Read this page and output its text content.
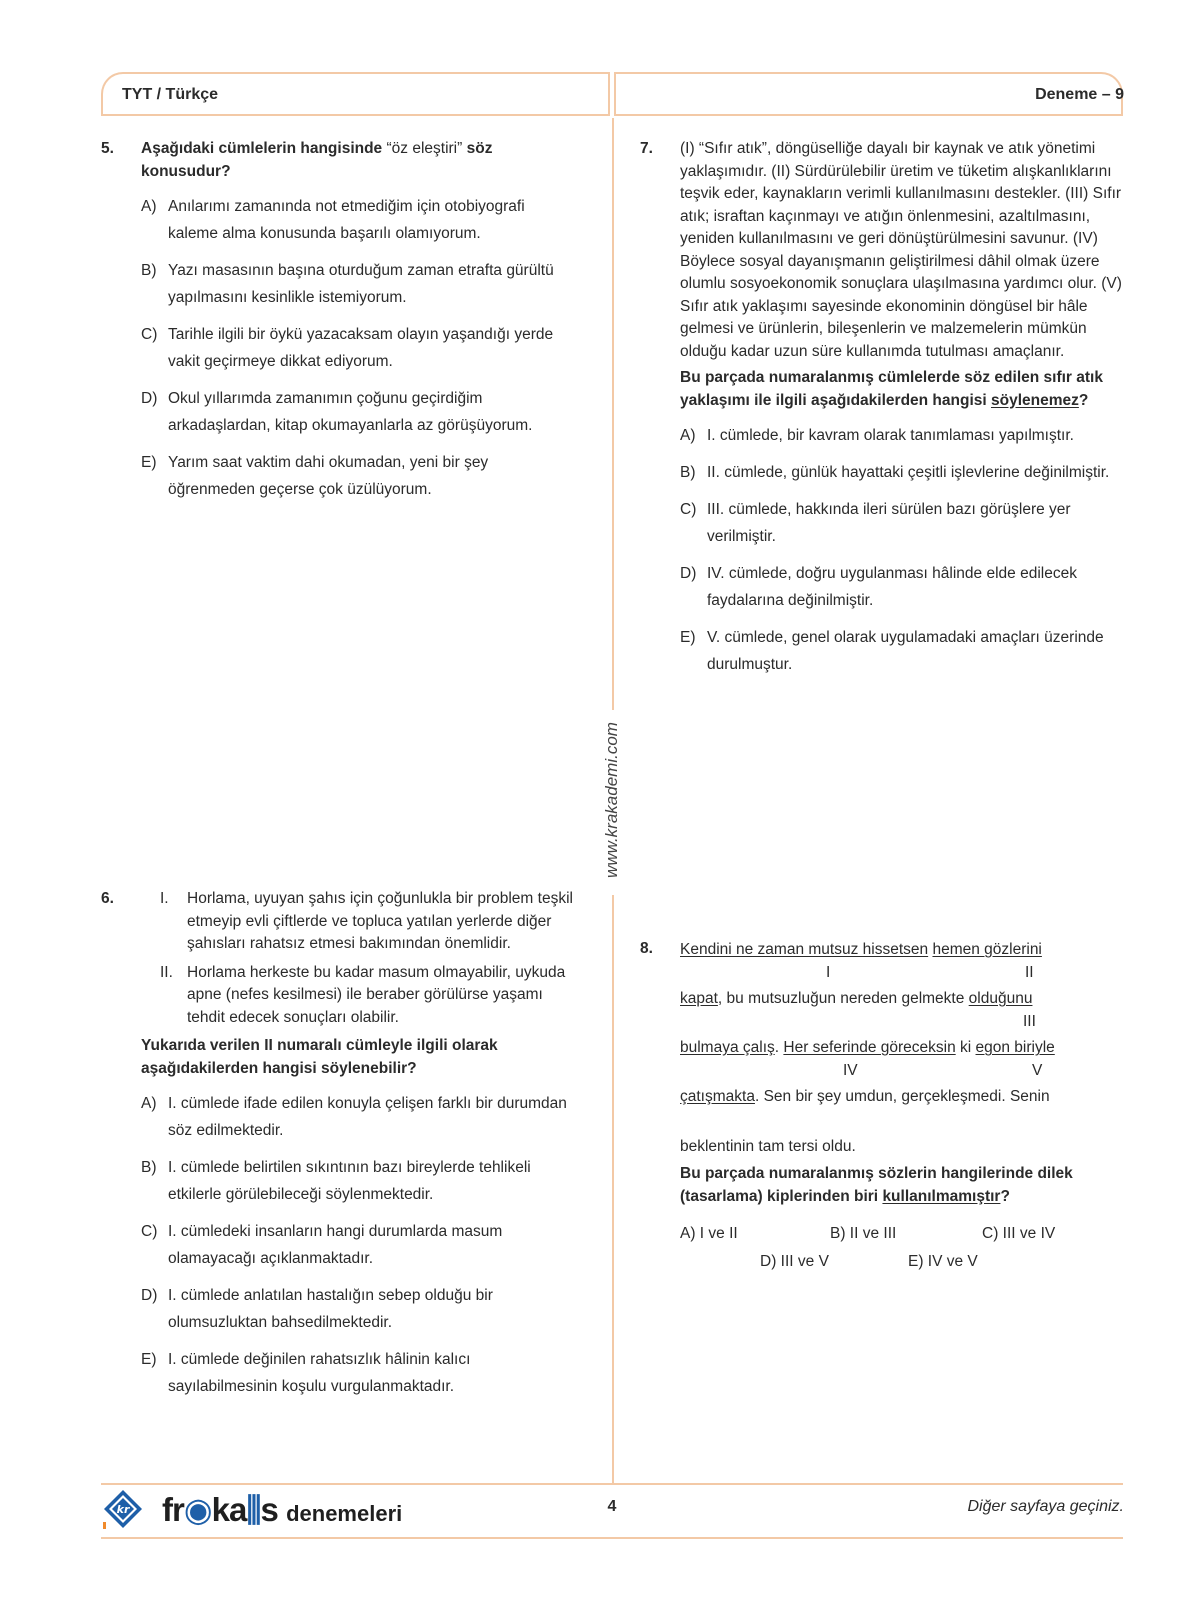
TYT / Türkçe	Deneme – 9
www.krakademi.com
5. Aşağıdaki cümlelerin hangisinde “öz eleştiri” söz konusudur?
A) Anılarımı zamanında not etmediğim için otobiyografi kaleme alma konusunda başarılı olamıyorum.
B) Yazı masasının başına oturduğum zaman etrafta gürültü yapılmasını kesinlikle istemiyorum.
C) Tarihle ilgili bir öykü yazacaksam olayın yaşandığı yerde vakit geçirmeye dikkat ediyorum.
D) Okul yıllarımda zamanımın çoğunu geçirdiğim arkadaşlardan, kitap okumayanlarla az görüşüyorum.
E) Yarım saat vaktim dahi okumadan, yeni bir şey öğrenmeden geçerse çok üzülüyorum.
6.	I. Horlama, uyuyan şahıs için çoğunlukla bir problem teşkil etmeyip evli çiftlerde ve topluca yatılan yerlerde diğer şahısları rahatsız etmesi bakımından önemlidir.
II. Horlama herkeste bu kadar masum olmayabilir, uykuda apne (nefes kesilmesi) ile beraber görülürse yaşamı tehdit edecek sonuçları olabilir.
Yukarıda verilen II numaralı cümleyle ilgili olarak aşağıdakilerden hangisi söylenebilir?
A) I. cümlede ifade edilen konuyla çelişen farklı bir durumdan söz edilmektedir.
B) I. cümlede belirtilen sıkıntının bazı bireylerde tehlikeli etkilerle görülebileceği söylenmektedir.
C) I. cümledeki insanların hangi durumlarda masum olamayacağı açıklanmaktadır.
D) I. cümlede anlatılan hastalığın sebep olduğu bir olumsuzluktan bahsedilmektedir.
E) I. cümlede değinilen rahatsızlık hâlinin kalıcı sayılabilmesinin koşulu vurgulanmaktadır.
7. (I) “Sıfır atık”, döngüselliğe dayalı bir kaynak ve atık yönetimi yaklaşımıdır. (II) Sürdürülebilir üretim ve tüketim alışkanlıklarını teşvik eder, kaynakların verimli kullanılmasını destekler. (III) Sıfır atık; israftan kaçınmayı ve atığın önlenmesini, azaltılmasını, yeniden kullanılmasını ve geri dönüştürülmesini savunur. (IV) Böylece sosyal dayanışmanın geliştirilmesi dâhil olmak üzere olumlu sosyoekonomik sonuçlara ulaşılmasına yardımcı olur. (V) Sıfır atık yaklaşımı sayesinde ekonominin döngüsel bir hâle gelmesi ve ürünlerin, bileşenlerin ve malzemelerin mümkün olduğu kadar uzun süre kullanımda tutulması amaçlanır.
Bu parçada numaralanmış cümlelerde söz edilen sıfır atık yaklaşımı ile ilgili aşağıdakilerden hangisi söylenemez?
A) I. cümlede, bir kavram olarak tanımlaması yapılmıştır.
B) II. cümlede, günlük hayattaki çeşitli işlevlerine değinilmiştir.
C) III. cümlede, hakkında ileri sürülen bazı görüşlere yer verilmiştir.
D) IV. cümlede, doğru uygulanması hâlinde elde edilecek faydalarına değinilmiştir.
E) V. cümlede, genel olarak uygulamadaki amaçları üzerinde durulmuştur.
8. Kendini ne zaman mutsuz hissetsen hemen gözlerini
I	II
kapat, bu mutsuzluğun nereden gelmekte olduğunu
III
bulmaya çalış. Her seferinde göreceksin ki egon biriyle
IV	V
çatışmakta. Sen bir şey umdun, gerçekleşmedi. Senin
beklentinin tam tersi oldu.
Bu parçada numaralanmış sözlerin hangilerinde dilek (tasarlama) kiplerinden biri kullanılmamıştır?
A) I ve II	B) II ve III	C) III ve IV
D) III ve V	E) IV ve V
kr fr◉ka⫼s denemeleri	4	Diğer sayfaya geçiniz.
